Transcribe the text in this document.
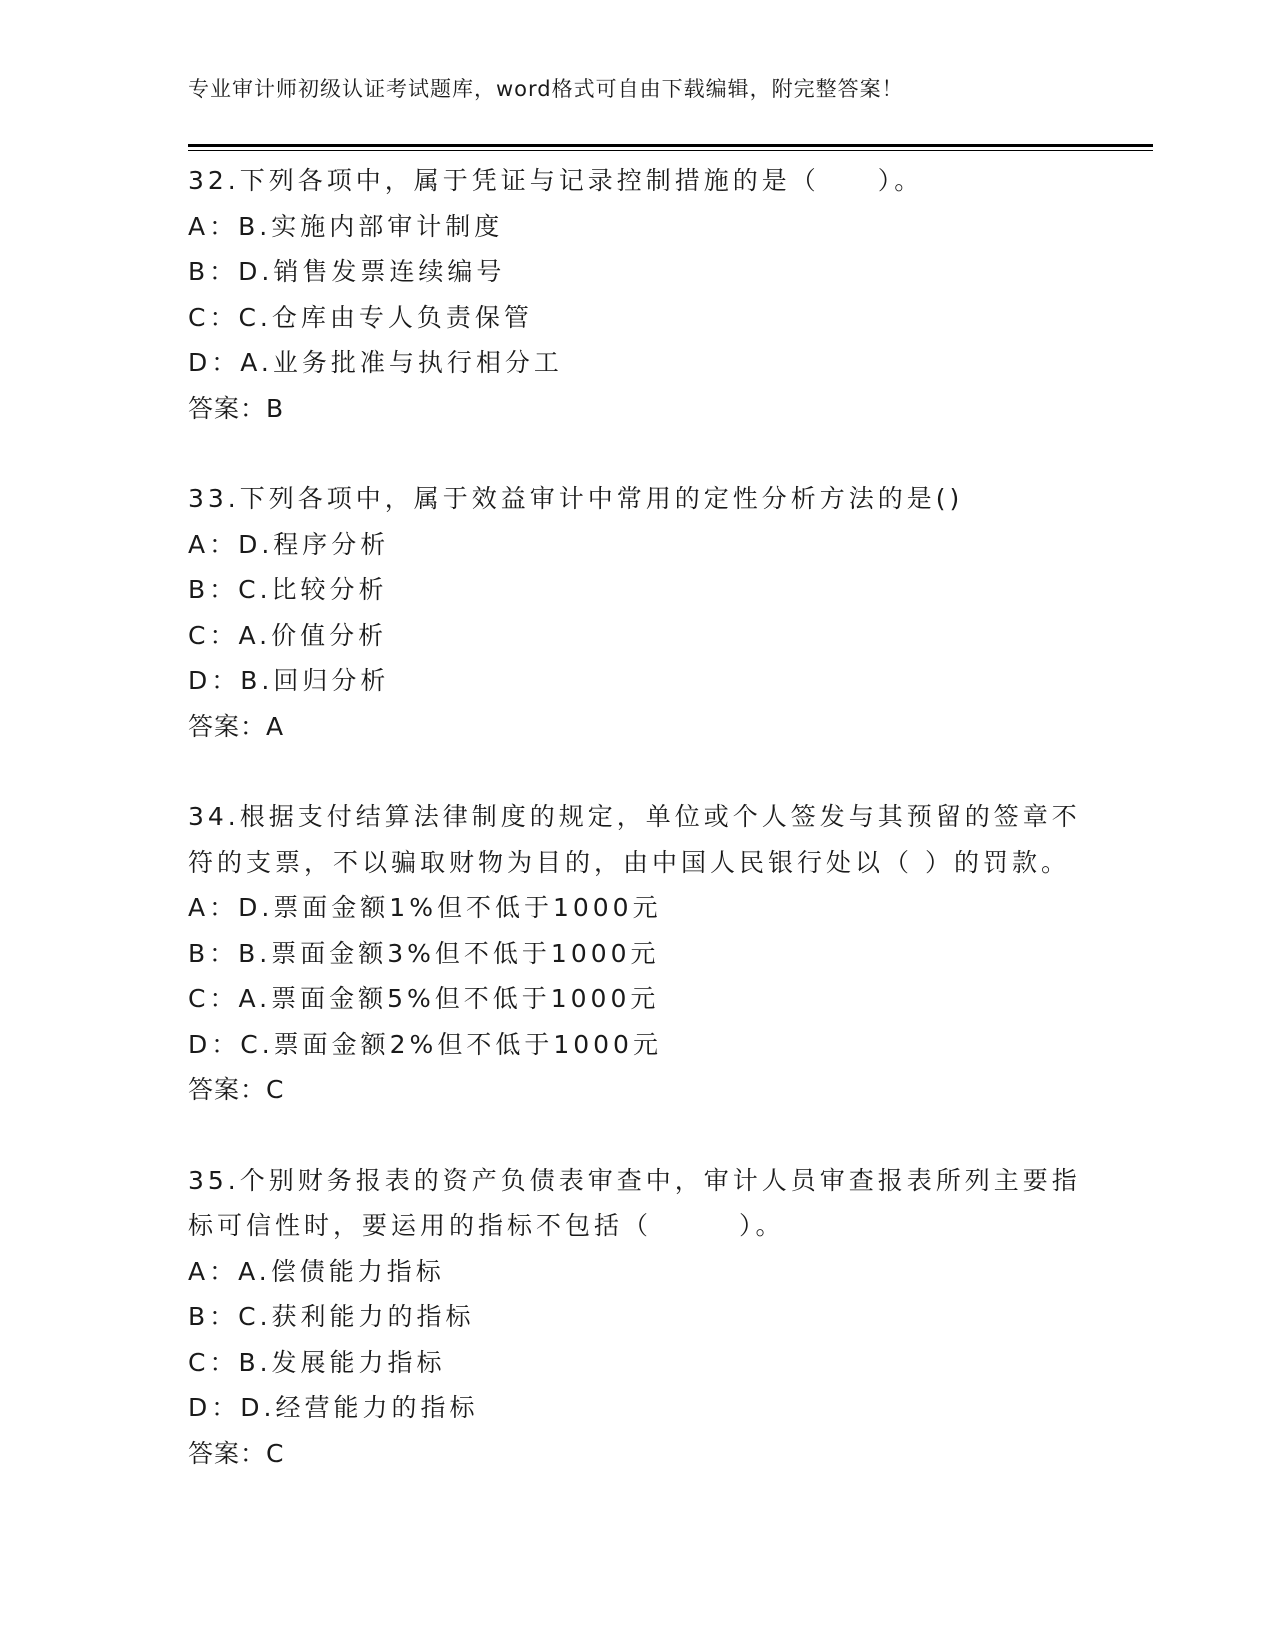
专业审计师初级认证考试题库，word格式可自由下载编辑，附完整答案！
32.下列各项中，属于凭证与记录控制措施的是（　　）。
A：B.实施内部审计制度
B：D.销售发票连续编号
C：C.仓库由专人负责保管
D：A.业务批准与执行相分工
答案：B
33.下列各项中，属于效益审计中常用的定性分析方法的是()
A：D.程序分析
B：C.比较分析
C：A.价值分析
D：B.回归分析
答案：A
34.根据支付结算法律制度的规定，单位或个人签发与其预留的签章不
符的支票，不以骗取财物为目的，由中国人民银行处以（ ）的罚款。
A：D.票面金额1%但不低于1000元
B：B.票面金额3%但不低于1000元
C：A.票面金额5%但不低于1000元
D：C.票面金额2%但不低于1000元
答案：C
35.个别财务报表的资产负债表审查中，审计人员审查报表所列主要指
标可信性时，要运用的指标不包括（　　　）。
A：A.偿债能力指标
B：C.获利能力的指标
C：B.发展能力指标
D：D.经营能力的指标
答案：C
